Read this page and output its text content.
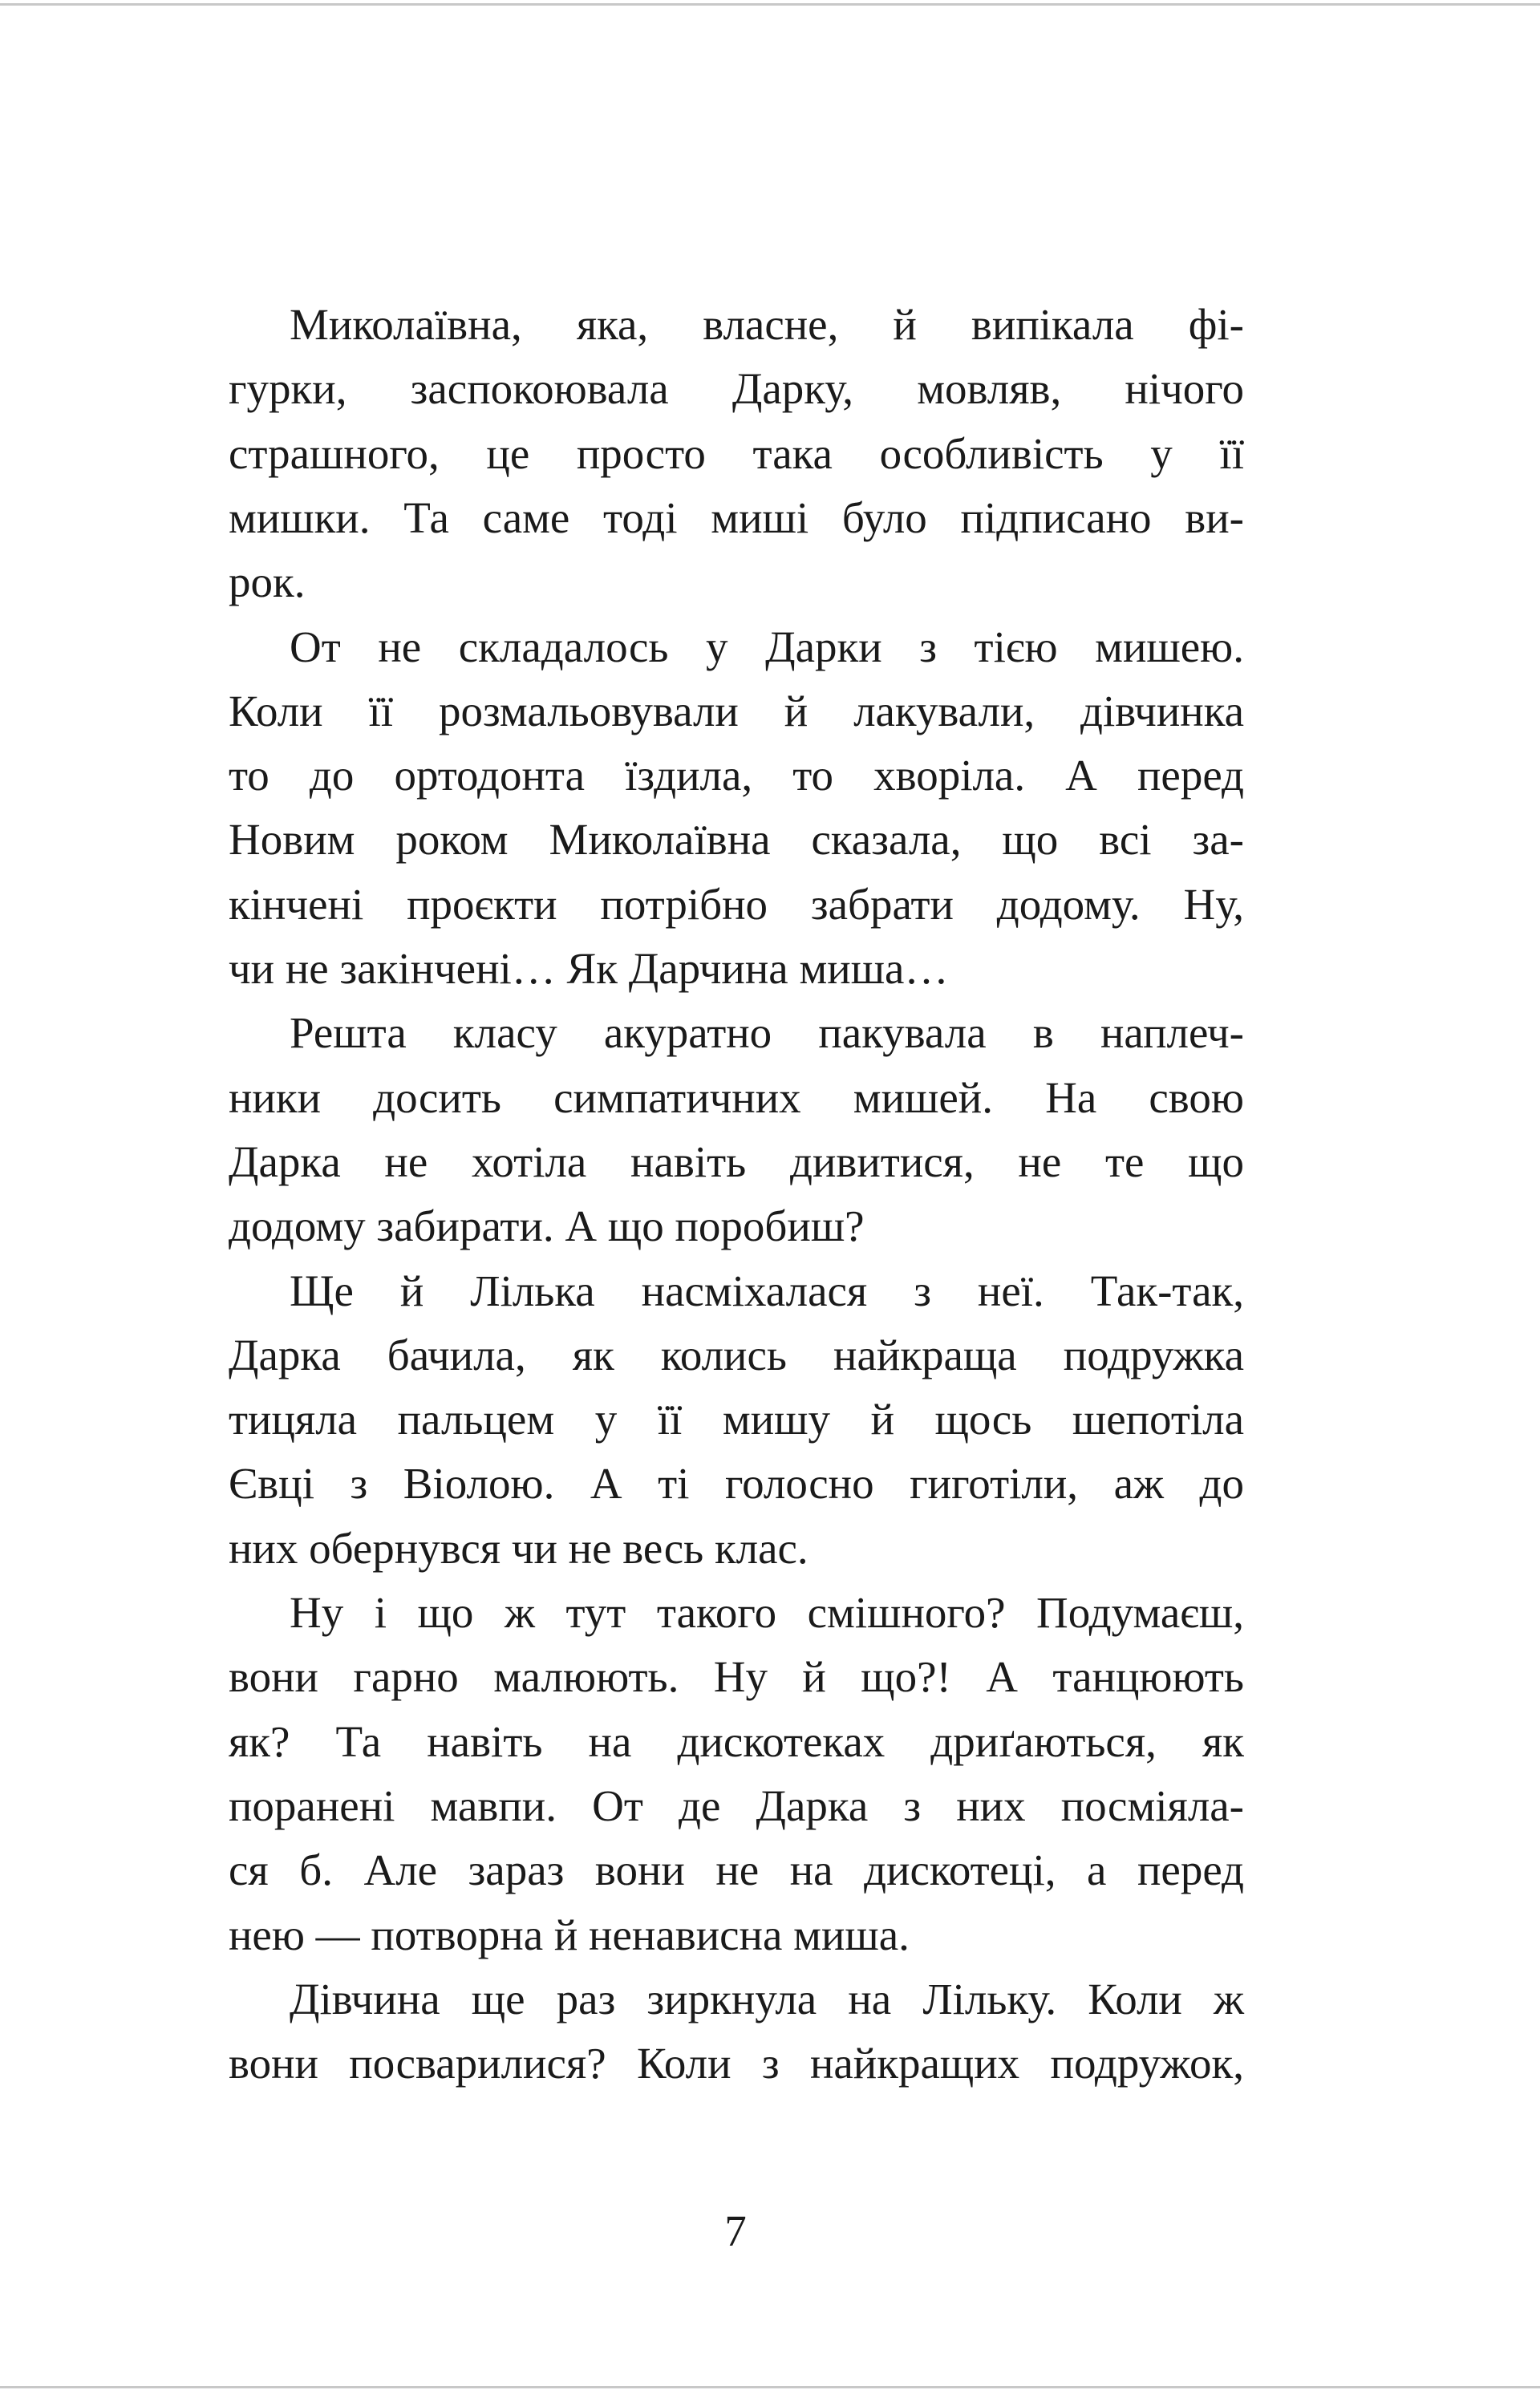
Миколаївна, яка, власне, й випікала фі-
гурки, заспокоювала Дарку, мовляв, нічого
страшного, це просто така особливість у її
мишки. Та саме тоді миші було підписано ви-
рок.
От не складалось у Дарки з тією мишею.
Коли її розмальовували й лакували, дівчинка
то до ортодонта їздила, то хворіла. А перед
Новим роком Миколаївна сказала, що всі за-
кінчені проєкти потрібно забрати додому. Ну,
чи не закінчені… Як Дарчина миша…
Решта класу акуратно пакувала в наплеч-
ники досить симпатичних мишей. На свою
Дарка не хотіла навіть дивитися, не те що
додому забирати. А що поробиш?
Ще й Лілька насміхалася з неї. Так-так,
Дарка бачила, як колись найкраща подружка
тицяла пальцем у її мишу й щось шепотіла
Євці з Віолою. А ті голосно гиготіли, аж до
них обернувся чи не весь клас.
Ну і що ж тут такого смішного? Подумаєш,
вони гарно малюють. Ну й що?! А танцюють
як? Та навіть на дискотеках дриґаються, як
поранені мавпи. От де Дарка з них посміяла-
ся б. Але зараз вони не на дискотеці, а перед
нею — потворна й ненависна миша.
Дівчина ще раз зиркнула на Лільку. Коли ж
вони посварилися? Коли з найкращих подружок,
7
